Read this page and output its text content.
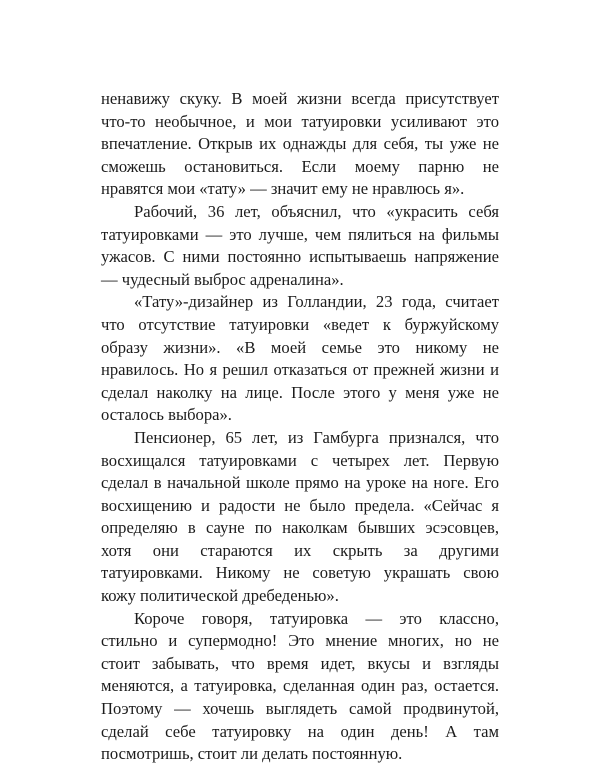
ненавижу скуку. В моей жизни всегда присутствует
что-то необычное, и мои татуировки усиливают это
впечатление. Открыв их однажды для себя, ты уже не
сможешь остановиться. Если моему парню не
нравятся мои «тату» — значит ему не нравлюсь я».
Рабочий, 36 лет, объяснил, что «украсить себя
татуировками — это лучше, чем пялиться на фильмы
ужасов. С ними постоянно испытываешь напряжение
— чудесный выброс адреналина».
«Тату»-дизайнер из Голландии, 23 года, считает
что отсутствие татуировки «ведет к буржуйскому
образу жизни». «В моей семье это никому не
нравилось. Но я решил отказаться от прежней жизни и
сделал наколку на лице. После этого у меня уже не
осталось выбора».
Пенсионер, 65 лет, из Гамбурга признался, что
восхищался татуировками с четырех лет. Первую
сделал в начальной школе прямо на уроке на ноге. Его
восхищению и радости не было предела. «Сейчас я
определяю в сауне по наколкам бывших эсэсовцев,
хотя они стараются их скрыть за другими
татуировками. Никому не советую украшать свою
кожу политической дребеденью».
Короче говоря, татуировка — это классно,
стильно и супермодно! Это мнение многих, но не
стоит забывать, что время идет, вкусы и взгляды
меняются, а татуировка, сделанная один раз, остается.
Поэтому — хочешь выглядеть самой продвинутой,
сделай себе татуировку на один день! А там
посмотришь, стоит ли делать постоянную.
